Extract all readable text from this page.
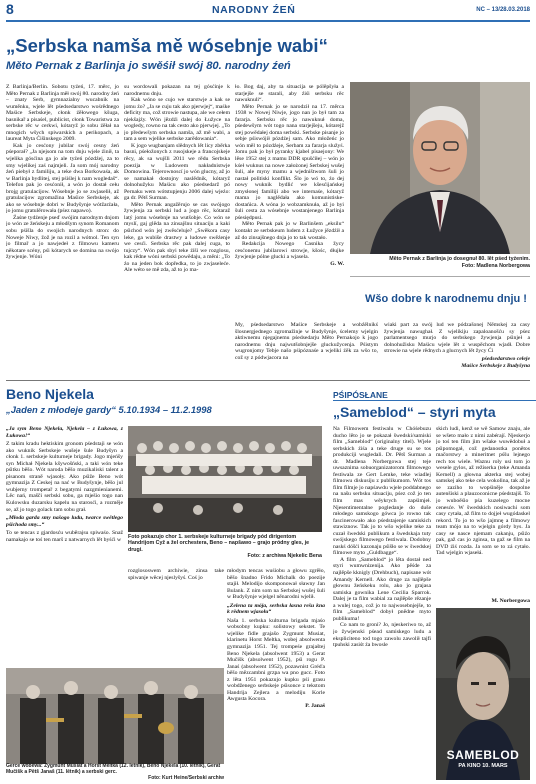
8	NARODNY ŹEŃ	NC – 13/28.03.2018
„Serbska namša mě wósebnje wabi“
Mětо Pernak z Barlinja jo swěśił swój 80. narodny źeń

Z Barlinja/Berlin. Sobotu tyźeń, 17. měrc, jo Mětо Pernak z Barlinja měł swój 80. narodny źeń – znaty Serb, gymnazialny wucabnik na wuměnku, wjele lět pśedsedarstwo wośrědnego Maśice Serbskeje, cłonk źěłowego kšuga, basnikař a pisaśel, publicist, cłonk Towaristwa za serbske rěc w cerkwi, kótaryž jo sobu źěłał na mnogich wšych spiwarskich a perikopach, a laureat Myta Ćišinskego 2009.

Kak jo cesćony jubilar swój cesny źeń pśeporał? „Ja njejsom na tom dnju wjele źinił, ta wjelika gósćina ga jo ale tyźeń pózdźej, za to smy wjelikej zaś najmjeli. Ja som mój narodny źeń piebył z familiju, a teke dwa Borkowaśa, ak w Barlinja bydlitej, stej pśiślej k nam wogledaš“. Telefon pak jo cesćonił, a wón jo dostał cełu brojg gratulacijow. Wósebnje jo se zwjaselił, až gratulacijow zgromažina Maśice Serbskeje, ak ako se wósebnje dobri w Budyšynje wótžarźała, jo jomu gratulěrowała (pśez napawo).

Źaśne tydźenje pseď swójim narodnym dnjom jo wón ze žeńskeju a młodšym synom Romanom sobu pśišla do swojich narodnych stron: do Noweje Niwy, žož je na rozil a wótnol. Ten syn jo filmař a jo nawjedeł z filmowu kameru někotare scény, pśi kótarych se domina na swójo žywjenje. Wóni

su wordowali pokazan na tej gósćinje k narodnemu dnju.

Kak wóno se cujo we starstwje a kak se jomu źo? „Ja se cuju tak ako pjerwjej“, maśke deficity ma, což strowie nastupa, ale we cełem njekšajźy. Wón jězdźi dalej do Łužyce na wogledy, rowno na tak cesto ako pjerwjej. „To jo předewšym serbska namša, až mě wabi, a tam a sem wjelike serbske zarědowania“.

K jogo wugbanjam slědnych lět licy zběrka basni, pśełožonych z rusojskeje a francojskeje rěcy, ak sa wujšli 2011 we rědu Serbska poezija w Ludowem nakładnistwje Domowina. Tejerownoscí jo wón glucny, až jo se namakał dostojny naslědnik, kótaryž dolnohužyku Maśicu ako pśedsedarž pó Pernaku wem wótstupjenju 2006 dalej wjeźo: ga dr. Pětš Surman.

Mětо Pernak angažěrujo se cas swójogo žywjenja za serbski lud a jogo rěc, kótaraž latý jomu wósebnje na wutšobje. Co wón se myslí, gaj glěda na zinsajšnu situaciju a kaki pśichod wón jej zwěsćeluje? „Swěkora casy leke, ga wubiše drastwy a ludowe swěźenje we cesći. Serbska rěc pak dalej cuga, to tujczy“. Wón pak sbyi teke źiši we rozglosu, kak rědne wóni serbski powědaju, a měni: „To źo na jeden bok dopředka, to jo zwjaseleće. Ale wéto se mě zda, až to jo ma-

ło. Bog daj, aby ta situacija se pólěpšyła a starjejše se starali, aby źiśi serbsku rěc nawuknuli“.

Mětо Pernak jo se narodził na 17. měrca 1938 w Nowej Niwje, jogo nan jo był tam za fararja. Serbsku rěc jo nawuknuł doma, pśedewšym wót togo nana starjejšeju, kótarejž stej powědałej doma serbski. Serbske pisanje jo sebje pśiswójił pózdźej sam. Ako młožeńc jo wón měl to pózdźeje, Serbam za fararja služyś. Jomu pak jo był pyranky kjabel pisaejony: We lěse 1952 stej z mamu DDR spušćiłej – wón jo kśeł wuknus na nowe założonej Serbskej wušej šuli, ale myny mamu a wjedništwom šuli jo nastał politiski konflikt. Šlo jo wó to, źo dej nowy wuknik bydlić we kšesćijańskej zmysłonej familiji abo we internaśe, kótaryž mama jo naglědała ako komunistiske-dostańica. A wóna jo wobzamknuła, až jo byi šuli cesta za wósebnje wostanjenego Barlinja pśesiędpusi.

Mětо Pernak pak jo w Barlinšem „eksilu“ kontakt ze serbskeum ludem z Łužyce jězdźił a až do zinsajšnego dnja jo to tak wostało.

Redakcija Nowego Casnika žycy cesćonemu jubilarowi strowje, kšośc, dłujke žywjenje pólne glucki a wjasela.

G. W.
Mětо Pernak z Barlinja jo dosegnuł 80. lět pśed tyźenim.
Foto: Madlena Norbergowa
Wšo dobre k narodnemu dnju !

My, pśedsedarstwo Maśice Serbskeje a wobźělnikś šlosnergjednego zgromažinje w Budyšynje, ścelemy wjelgin aktiwnemu njegajnemu pśedsedarju Mětо Pernakojo k jogo narodnemu dnju najwutšobnjejše gluckužycenja. Pśistym wugronjomy Tebje našo pśipóznaśe a wjeliki źěk za wšo to, což sy z pódwjacora na

wiaki part za swój lud we pódzašonej Němskej za casy žywjenja nawughał. Z wjelikiju zapaloanošću sy pśez parlamentsego murjo do serbskego žywjenja pśinjeł a dolnohužisku Maśicu wjele lět z wuspěchom wjadł. Dobre strowie na wjele rědnych a glucnych lět žycy Ći

pśedsedarstwo cełeje
Maśice Serbskeje z Budyšyna
Beno Njekela
„Jaden z młodeje gardy“ 5.10.1934 – 11.2.1998
„Ja sym Beno Njekela, Njekela – z Łukowa, z Łukowa!“

Z takim kradu hektiskim gronom pśedstaji se wón ako wuknik Serbskeje wušeje šule Budyšyn a cłonk 1. serbskeje kulturneje brigady. Jogo mjeńšy syn Michał Njekela kšywošński, a taki wón teke pśitku běšo. Wót naroda běšo muzikaliski talent a pisanom straně wjasoły. Ako pśiže Beno wót gymnazija Z Ceskej na nać w Budyšynje, běšo jul wubjerny trompetař z begatymi nazgmienianemi. Lěc nań, mašči serbski sobu, ga mješio togo nan Kulowsku duzarsku kapelu na starosći, a rozměje se, až jo togo golack tam sobu grał.

„Młoda garda smy našogo ludu, twarce swětlego pśichoda smy...“

To se tencas z gjardosću wuběrajsu spiwaśo. Snaž namakajo se toś ten marš z natwarnych lět byśći w	Foto pokazujo chor 1. serbskeje kulturneje brigady pód dirigentom Handrijom Cyž a žel orchestera, Beno – napšawo – grajo pródny gles, je drugi.
Foto: z archiwa Njekelic Bena

rozglososwem archiwie, zinsa take spiwanje wěcej njeslyšyś. Coś jo

młodym tencas wuśiobu a głowu zgrěło, běšo šnadno Frido Michalk do poezije stajił. Melodijo skomponował sławny Jan Bulank. Z nim som na Serbskej wušej šuli w Budyšynje wjelgel něnarodni wjelił.

„Zelena ta mója, serbska łasna rešu kna k rědnem wjasołu“

Naša 1. serbska kulturna brigada mjaśo wobsobny kupku: solistowy sekstet. Te wjelike fidle grajašo Zygmunt Musiat, klarinetu Horst Meltka, wobej absolwenta gymnazija 1951. Tej trompeśe grajaštej Beno Njekela (absolwent 1953) a Gerat Mučišk (absolwent 1952), pśi rogu P. Janaś (absolwent 1952), pozawnist Gréďa běšo mězcambni grzpa wa pno gucc. Foto z lěta 1951 pokazujo kupku pśi grasu wobdženego serbskeje pśisonce z tekstom Handrija Zejlera a melodiju Korle Awgusta Kocora.

P. Janaš
Gerce wóběwa: Zygmunt Musiat a Horst Meltka (12. letnik), Beno Njekela (10. lětnik), Gerat Mučišk a Pětš Janaš (11. lětnik) a serbski gerc.
Foto: Kurt Heine/Serbski archiw
PŚIPÓSŁANE
„Sameblod“ – styri myta

Na Filmowem festiwalu w Chóśebuzu ducho lěto jo se pokazał šwedski/samiski film „Sameblod“ (originalny titel). Wjele serbskich źiśa a teke druge su se tos produkciji wugledali. Dr. Pětš Surman a dr. Madlena Norbergowa stej teje uwsaznima sobuorganizatorom filmowego festiwala ze Gert Lemke, teke wiadlej filmowu diskusiju z publikumom. Wót tos film filmje jo napśawdu wjele poddabnego na našu serbsku situaciju, pśez což jo ten film mas wěykrych zapśimjeł. Njesentimentalne pogledanje do duše młodego samskogo gówca jo rowno tak fascinerowało ako pśedstajenje samiskich stawiznow. Tak jo to wšo wjelike teke za cuzał šwedski publikum a šwedskaja tuty swójskego filmowego festiwala. Dodobny naskś dóšći kazonaju pśišło se w šwedskej filmowe myto „Guldbagge“.

A film „Sameblod“ jo lěta dostał ned styri wumwnizenija. Ako pěśde za najlěpše kknigly (Drehbuch), napisane wót Amandy Kernell. Ako druge za najlěpše głownu žeńskeku rolu, ako jo grajasa samiska gownika Lene Cecilia Sparrok. Dalej je ta film wabial za najlěpše rězanje a wulej togo, což jo to najwosebnjejše, to film „Sameblod“ dobył pnědne myto publikuma!

Co nam to groni? Jo, njeskeriwo to, až jo žywjenski pśead samiskego ludu a ekspliciteno tod togo zawolu zawolił tajfi tpuhski zasiśt źa bwosle

skich ludi, kenž se wě Samow znaju, ale se wšeto mało z nimi zabérají. Njeskerjo jo toś ten film jim wšake wuwědobuł a pśipomogał, což gedanostka ponětos mačorstwy a mineritnet pśšu lejnego rech tos wiele. Waznu roly usi tom jo wesele gylos, až režiserka (teke Amanda Kernell) a głowna akterka stej wobej samskej ako teke cela wokolina, tak až je se zaziho to wopśiněje dospolne autenšiski a plauzoconicne pśedstajiš. To jo wuboěśio pśa kuzelego mocne cenesće. W šwedskich nosiwachi som casy cytała, až film to dojjeł wugódaskel rekord. To jo to wšo jajmnę a filmowy team mójo na to wjelgin górdy bys. Ja casy se nasce njemam cakanju, pśiźo pak, gaž cas jo zginsa, ta gaž se film na DVD źiś rozda. Ja som se to zá cytało. Tad wjelgin wjasełá.

M. Norbergowa
SAMEBLOD
PA KINO 10. MARS
